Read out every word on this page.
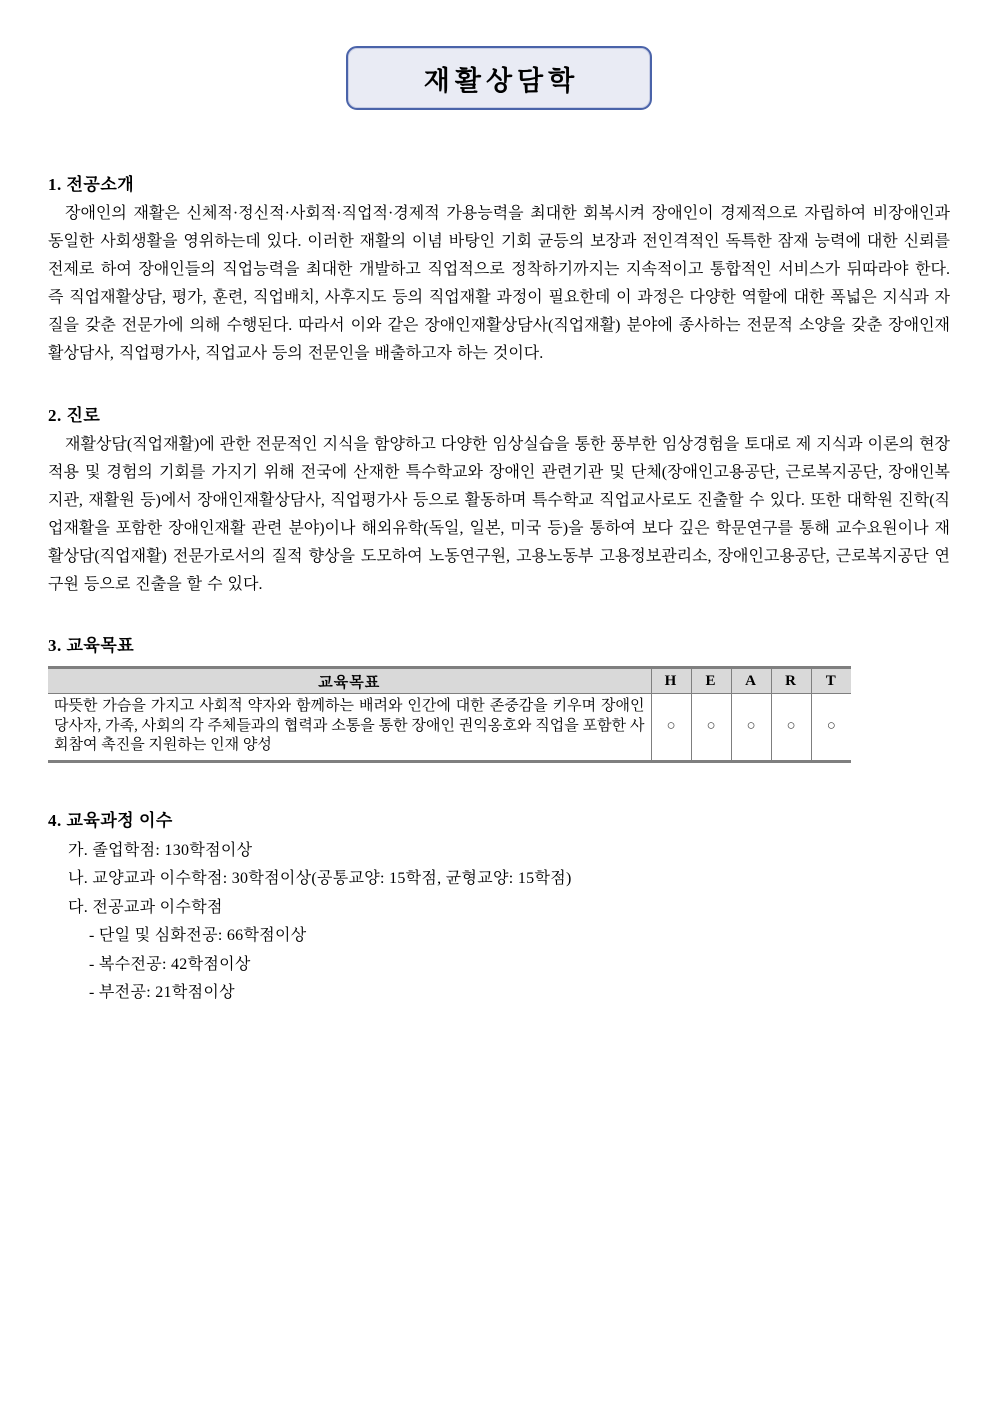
재활상담학
1. 전공소개

장애인의 재활은 신체적·정신적·사회적·직업적·경제적 가용능력을 최대한 회복시켜 장애인이 경제적으로 자립하여 비장애인과 동일한 사회생활을 영위하는데 있다. 이러한 재활의 이념 바탕인 기회 균등의 보장과 전인격적인 독특한 잠재 능력에 대한 신뢰를 전제로 하여 장애인들의 직업능력을 최대한 개발하고 직업적으로 정착하기까지는 지속적이고 통합적인 서비스가 뒤따라야 한다. 즉 직업재활상담, 평가, 훈련, 직업배치, 사후지도 등의 직업재활 과정이 필요한데 이 과정은 다양한 역할에 대한 폭넓은 지식과 자질을 갖춘 전문가에 의해 수행된다. 따라서 이와 같은 장애인재활상담사(직업재활) 분야에 종사하는 전문적 소양을 갖춘 장애인재활상담사, 직업평가사, 직업교사 등의 전문인을 배출하고자 하는 것이다.

2. 진로

재활상담(직업재활)에 관한 전문적인 지식을 함양하고 다양한 임상실습을 통한 풍부한 임상경험을 토대로 제 지식과 이론의 현장 적용 및 경험의 기회를 가지기 위해 전국에 산재한 특수학교와 장애인 관련기관 및 단체(장애인고용공단, 근로복지공단, 장애인복지관, 재활원 등)에서 장애인재활상담사, 직업평가사 등으로 활동하며 특수학교 직업교사로도 진출할 수 있다. 또한 대학원 진학(직업재활을 포함한 장애인재활 관련 분야)이나 해외유학(독일, 일본, 미국 등)을 통하여 보다 깊은 학문연구를 통해 교수요원이나 재활상담(직업재활) 전문가로서의 질적 향상을 도모하여 노동연구원, 고용노동부 고용정보관리소, 장애인고용공단, 근로복지공단 연구원 등으로 진출을 할 수 있다.

3. 교육목표
교육목표	H	E	A	R	T
따뜻한 가슴을 가지고 사회적 약자와 함께하는 배려와 인간에 대한 존중감을 키우며 장애인당사자, 가족, 사회의 각 주체들과의 협력과 소통을 통한 장애인 권익옹호와 직업을 포함한 사회참여 촉진을 지원하는 인재 양성	○	○	○	○	○
4. 교육과정 이수
가. 졸업학점: 130학점이상
나. 교양교과 이수학점: 30학점이상(공통교양: 15학점, 균형교양: 15학점)
다. 전공교과 이수학점
- 단일 및 심화전공: 66학점이상
- 복수전공: 42학점이상
- 부전공: 21학점이상
